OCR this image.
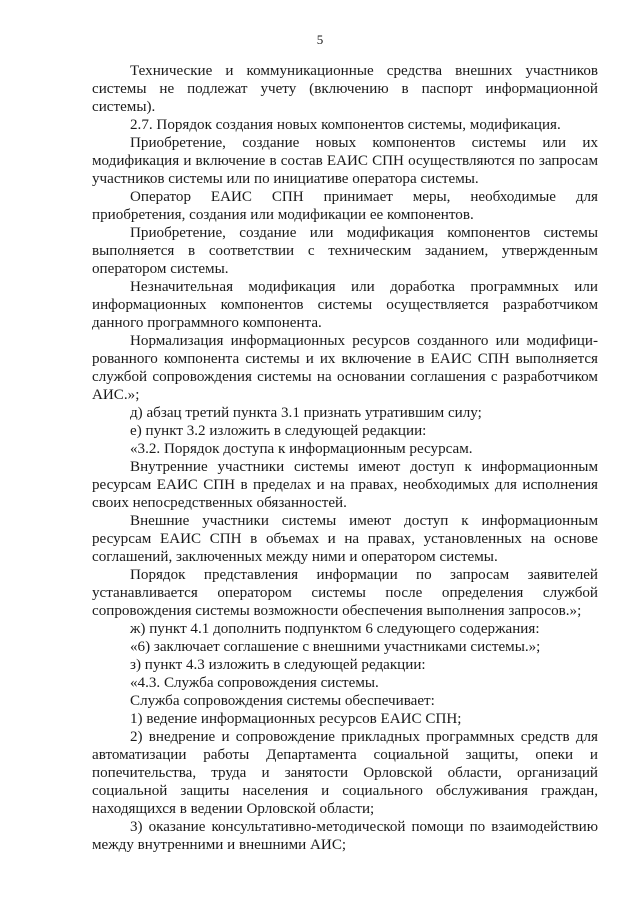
5

Технические и коммуникационные средства внешних участников системы не подлежат учету (включению в паспорт информационной системы).

2.7. Порядок создания новых компонентов системы, модификация.

Приобретение, создание новых компонентов системы или их модификация и включение в состав ЕАИС СПН осуществляются по запросам участников системы или по инициативе оператора системы.

Оператор ЕАИС СПН принимает меры, необходимые для приобретения, создания или модификации ее компонентов.

Приобретение, создание или модификация компонентов системы выполняется в соответствии с техническим заданием, утвержденным оператором системы.

Незначительная модификация или доработка программных или информационных компонентов системы осуществляется разработчиком данного программного компонента.

Нормализация информационных ресурсов созданного или модифицированного компонента системы и их включение в ЕАИС СПН выполняется службой сопровождения системы на основании соглашения с разработчиком АИС.»;

д) абзац третий пункта 3.1 признать утратившим силу;

е) пункт 3.2 изложить в следующей редакции:

«3.2. Порядок доступа к информационным ресурсам.

Внутренние участники системы имеют доступ к информационным ресурсам ЕАИС СПН в пределах и на правах, необходимых для исполнения своих непосредственных обязанностей.

Внешние участники системы имеют доступ к информационным ресурсам ЕАИС СПН в объемах и на правах, установленных на основе соглашений, заключенных между ними и оператором системы.

Порядок представления информации по запросам заявителей устанавливается оператором системы после определения службой сопровождения системы возможности обеспечения выполнения запросов.»;

ж) пункт 4.1 дополнить подпунктом 6 следующего содержания:

«6) заключает соглашение с внешними участниками системы.»;

з) пункт 4.3 изложить в следующей редакции:

«4.3. Служба сопровождения системы.

Служба сопровождения системы обеспечивает:

1) ведение информационных ресурсов ЕАИС СПН;

2) внедрение и сопровождение прикладных программных средств для автоматизации работы Департамента социальной защиты, опеки и попечительства, труда и занятости Орловской области, организаций социальной защиты населения и социального обслуживания граждан, находящихся в ведении Орловской области;

3) оказание консультативно-методической помощи по взаимодействию между внутренними и внешними АИС;
